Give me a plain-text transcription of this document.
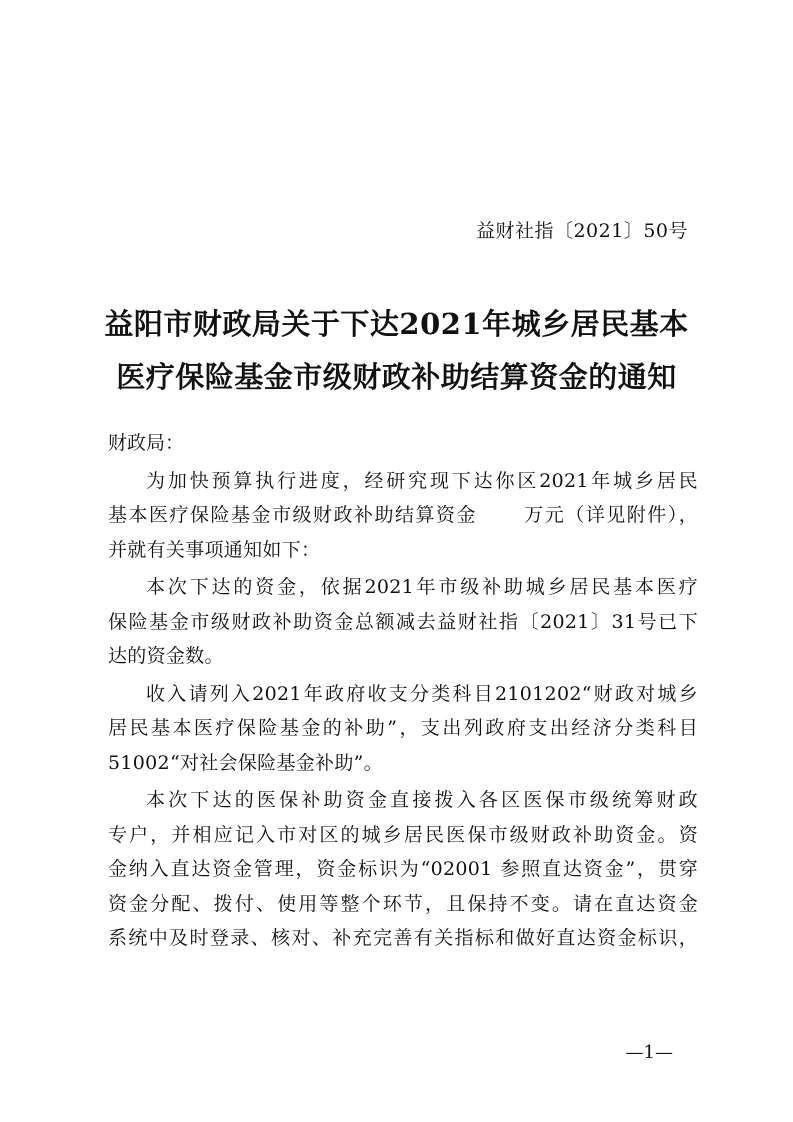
益财社指〔2021〕50号
益阳市财政局关于下达2021年城乡居民基本
医疗保险基金市级财政补助结算资金的通知
财政局：
为加快预算执行进度，经研究现下达你区2021年城乡居民
基本医疗保险基金市级财政补助结算资金 万元（详见附件），
并就有关事项通知如下：
本次下达的资金，依据2021年市级补助城乡居民基本医疗
保险基金市级财政补助资金总额减去益财社指〔2021〕31号已下
达的资金数。
收入请列入2021年政府收支分类科目2101202“财政对城乡
居民基本医疗保险基金的补助”，支出列政府支出经济分类科目
51002“对社会保险基金补助”。
本次下达的医保补助资金直接拨入各区医保市级统筹财政
专户，并相应记入市对区的城乡居民医保市级财政补助资金。资
金纳入直达资金管理，资金标识为“02001 参照直达资金”，贯穿
资金分配、拨付、使用等整个环节，且保持不变。请在直达资金
系统中及时登录、核对、补充完善有关指标和做好直达资金标识，
—1—
